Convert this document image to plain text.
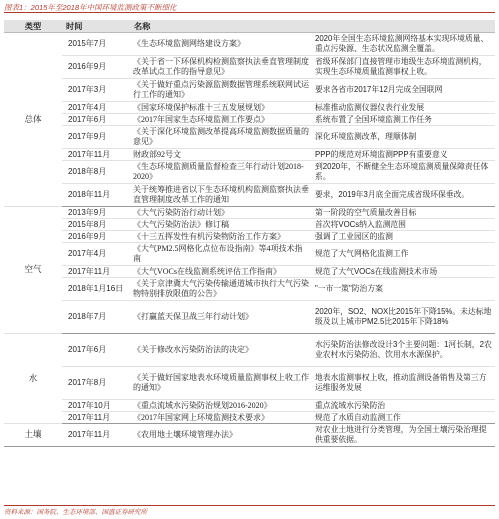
图表1：2015年至2018年中国环境监测政策不断细化
类型	时间	名称	
总体	2015年7月	《生态环境监测网络建设方案》	2020年全国生态环境监测网络基本实现环境质量、重点污染源、生态状况监测全覆盖。
	2016年9月	《关于省一下环保机构检测监察执法垂直管理制度改革试点工作的指导意见》	省级环保部门直接管理市地级生态环境监测机构，实现生态环境质量监测事权上收。
	2017年3月	《关于做好重点污染源监测数据管理系统联网试运行工作的通知》	要求各省市2017年12月完成全国联网
	2017年4月	《国家环境保护标准十三五发展规划》	标准推动监测仪器仪表行业发展
	2017年6月	《2017年国家生态环境监测工作要点》	系统布置了全国环境监测工作任务
	2017年9月	《关于深化环境监测改革提高环境监测数据质量的意见》	深化环境监测改革，理顺体制
	2017年11月	财政部92号文	PPP的规范对环境监测PPP有重要意义
	2018年8月	《生态环境监测质量监督检查三年行动计划2018-2020》	到2020年，不断健全生态环境监测质量保障责任体系。
	2018年11月	关于统筹推进省以下生态环境机构监测监察执法垂直管理制度改革工作的通知	要求，2019年3月底全面完成省级环保垂改。
空气	2013年9月	《大气污染防治行动计划》	第一阶段的空气质量改善目标
	2015年8月	《大气污染防治法》修订稿	首次将VOCs纳入监测范围
	2016年9月	《十三五挥发性有机污染物防治工作方案》	强调了工业园区的监测
	2017年4月	《大气PM2.5网格化点位布设指南》等4项技术指南	规范了大气网格化监测工作
	2017年11月	《大气VOCs在线监测系统评估工作指南》	规范了大气VOCs在线监测技术市场
	2018年1月16日	《关于京津冀大气污染传输通道城市执行大气污染物特别排放限值的公告》	"一市一策"防治方案
	2018年7月	《打赢蓝天保卫战三年行动计划》	2020年，SO2、NOX比2015年下降15%。未达标地级及以上城市PM2.5比2015年下降18%
水	2017年6月	《关于修改水污染防治法的决定》	水污染防治法修改设计3个主要问题：1河长制，2农业农村水污染防治、饮用水水源保护。
	2017年8月	《关于做好国家地表水环境质量监测事权上收工作的通知》	地表水监测事权上收，推动监测设备销售及第三方运维服务发展
	2017年10月	《重点流域水污染防治规划2016-2020》	重点流域水污染防治
	2017年11月	《2017年国家网上环境监测技术要求》	规范了水质自动监测工作
土壤	2017年11月	《农用地土壤环境管理办法》	对农业土地进行分类管理，为全国土壤污染治理提供重要依据。
资料来源：国务院、生态环境部、国盛证券研究所
